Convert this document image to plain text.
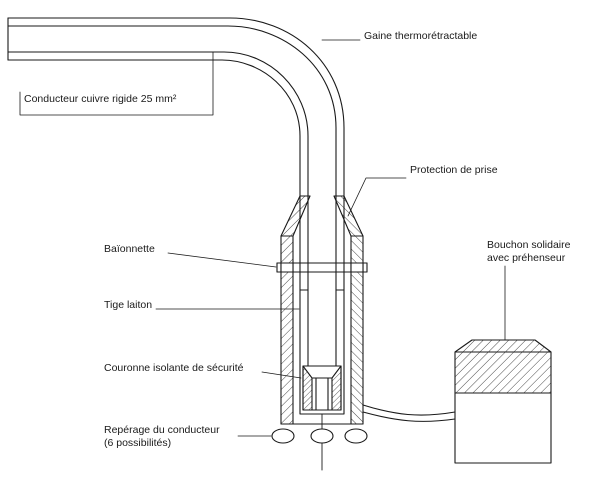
Gaine thermorétractable
Conducteur cuivre rigide 25 mm²
Protection de prise
Bouchon solidaire
avec préhenseur
Baïonnette
Tige laiton
Couronne isolante de sécurité
Repérage du conducteur
(6 possibilités)
